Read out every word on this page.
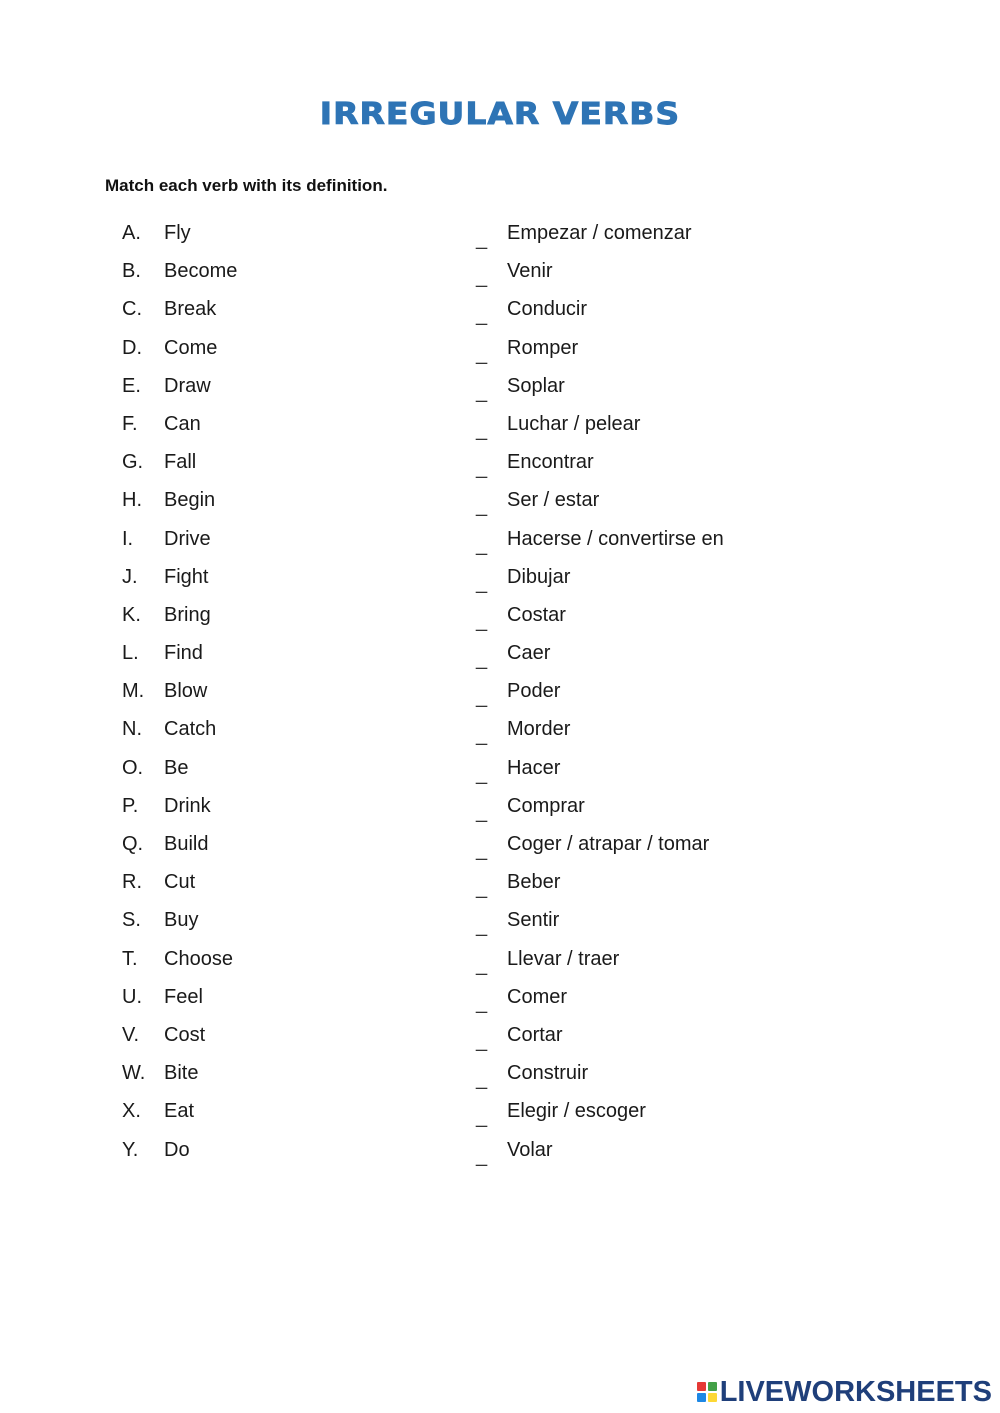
IRREGULAR VERBS
Match each verb with its definition.
A. Fly	_ Empezar / comenzar
B. Become	_ Venir
C. Break	_ Conducir
D. Come	_ Romper
E. Draw	_ Soplar
F. Can	_ Luchar / pelear
G. Fall	_ Encontrar
H. Begin	_ Ser / estar
I. Drive	_ Hacerse / convertirse en
J. Fight	_ Dibujar
K. Bring	_ Costar
L. Find	_ Caer
M. Blow	_ Poder
N. Catch	_ Morder
O. Be	_ Hacer
P. Drink	_ Comprar
Q. Build	_ Coger / atrapar / tomar
R. Cut	_ Beber
S. Buy	_ Sentir
T. Choose	_ Llevar / traer
U. Feel	_ Comer
V. Cost	_ Cortar
W. Bite	_ Construir
X. Eat	_ Elegir / escoger
Y. Do	_ Volar
LIVEWORKSHEETS
